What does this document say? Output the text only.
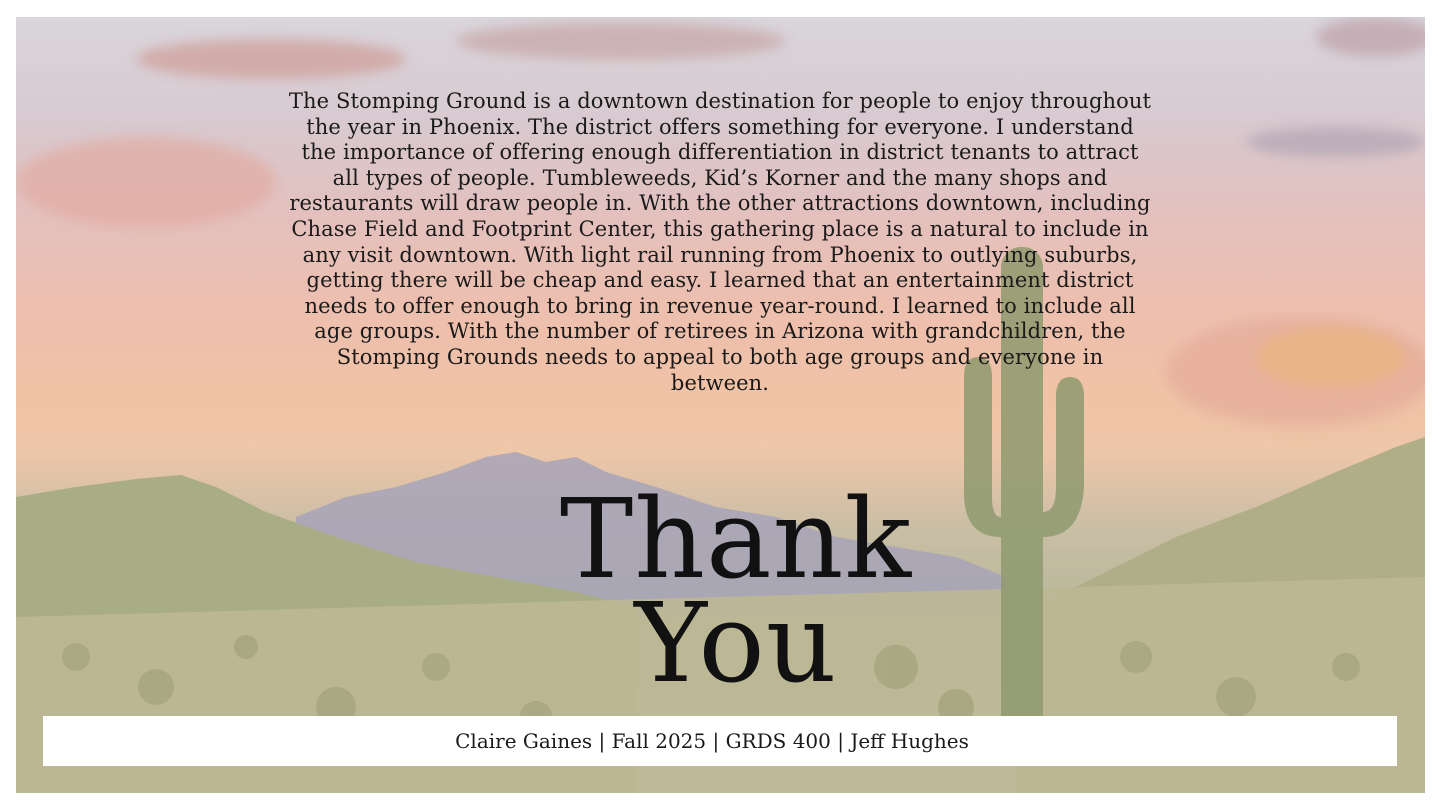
The Stomping Ground is a downtown destination for people to enjoy throughout the year in Phoenix. The district offers something for everyone. I understand the importance of offering enough differentiation in district tenants to attract all types of people. Tumbleweeds, Kid’s Korner and the many shops and restaurants will draw people in. With the other attractions downtown, including Chase Field and Footprint Center, this gathering place is a natural to include in any visit downtown. With light rail running from Phoenix to outlying suburbs, getting there will be cheap and easy. I learned that an entertainment district needs to offer enough to bring in revenue year-round. I learned to include all age groups. With the number of retirees in Arizona with grandchildren, the Stomping Grounds needs to appeal to both age groups and everyone in between.

Thank
You
Claire Gaines | Fall 2025 | GRDS 400 | Jeff Hughes
